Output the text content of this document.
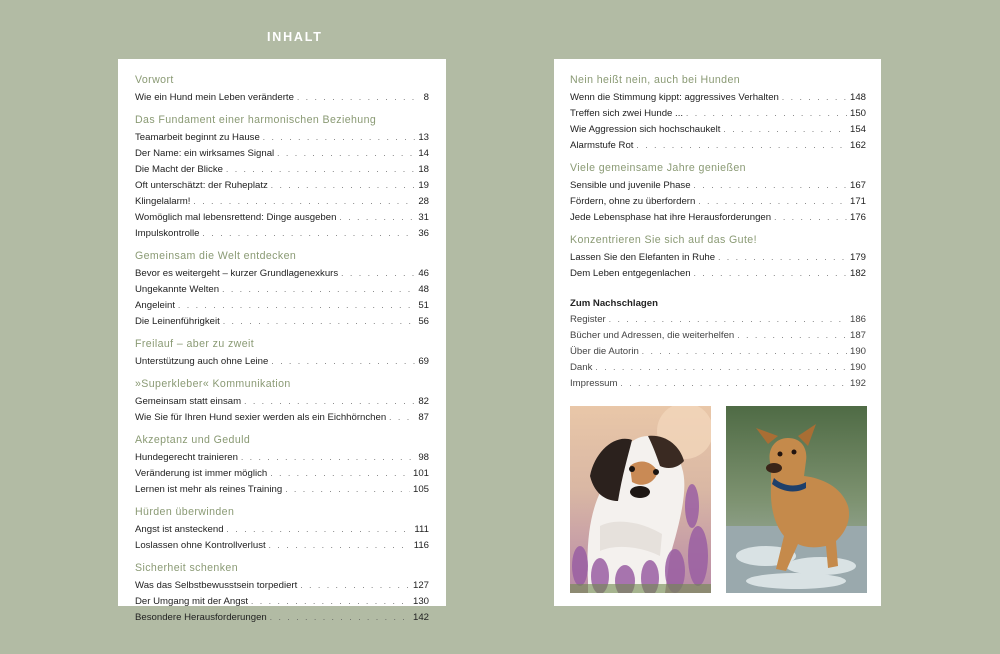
INHALT
Vorwort
Wie ein Hund mein Leben veränderte . . .	8
Das Fundament einer harmonischen Beziehung
Teamarbeit beginnt zu Hause . . .	13
Der Name: ein wirksames Signal . . .	14
Die Macht der Blicke . . .	18
Oft unterschätzt: der Ruheplatz . . .	19
Klingelalarm! . . .	28
Womöglich mal lebensrettend: Dinge ausgeben . . .	31
Impulskontrolle . . .	36
Gemeinsam die Welt entdecken
Bevor es weitergeht – kurzer Grundlagenexkurs . . .	46
Ungekannte Welten . . .	48
Angeleint . . .	51
Die Leinenführigkeit . . .	56
Freilauf – aber zu zweit
Unterstützung auch ohne Leine . . .	69
»Superkleber« Kommunikation
Gemeinsam statt einsam . . .	82
Wie Sie für Ihren Hund sexier werden als ein Eichhörnchen . . .	87
Akzeptanz und Geduld
Hundegerecht trainieren . . .	98
Veränderung ist immer möglich . . .	101
Lernen ist mehr als reines Training . . .	105
Hürden überwinden
Angst ist ansteckend . . .	111
Loslassen ohne Kontrollverlust . . .	116
Sicherheit schenken
Was das Selbstbewusstsein torpediert . . .	127
Der Umgang mit der Angst . . .	130
Besondere Herausforderungen . . .	142
Nein heißt nein, auch bei Hunden
Wenn die Stimmung kippt: aggressives Verhalten . . .	148
Treffen sich zwei Hunde ... . . .	150
Wie Aggression sich hochschaukelt . . .	154
Alarmstufe Rot . . .	162
Viele gemeinsame Jahre genießen
Sensible und juvenile Phase . . .	167
Fördern, ohne zu überfordern . . .	171
Jede Lebensphase hat ihre Herausforderungen . . .	176
Konzentrieren Sie sich auf das Gute!
Lassen Sie den Elefanten in Ruhe . . .	179
Dem Leben entgegenlachen . . .	182
Zum Nachschlagen
Register . . .	186
Bücher und Adressen, die weiterhelfen . . .	187
Über die Autorin . . .	190
Dank . . .	190
Impressum . . .	192
